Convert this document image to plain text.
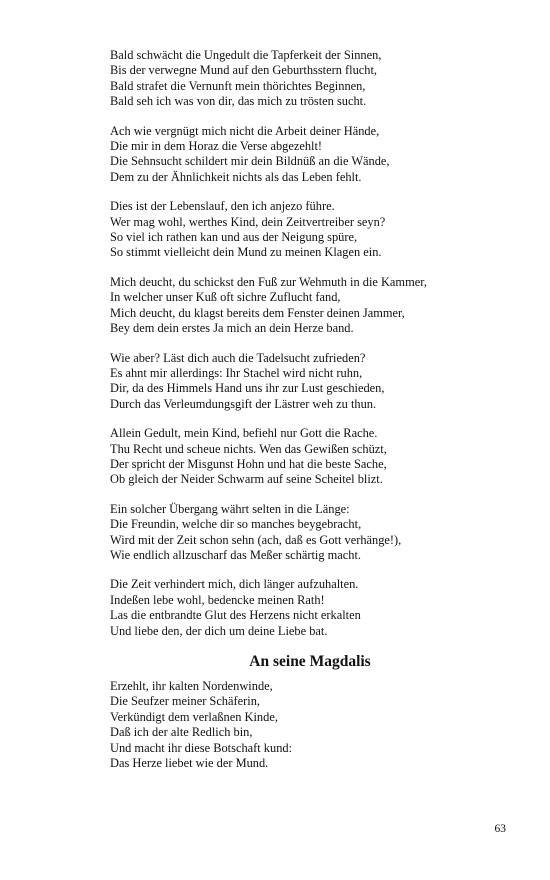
Bald schwächt die Ungedult die Tapferkeit der Sinnen,
Bis der verwegne Mund auf den Geburthsstern flucht,
Bald strafet die Vernunft mein thörichtes Beginnen,
Bald seh ich was von dir, das mich zu trösten sucht.
Ach wie vergnügt mich nicht die Arbeit deiner Hände,
Die mir in dem Horaz die Verse abgezehlt!
Die Sehnsucht schildert mir dein Bildnüß an die Wände,
Dem zu der Ähnlichkeit nichts als das Leben fehlt.
Dies ist der Lebenslauf, den ich anjezo führe.
Wer mag wohl, werthes Kind, dein Zeitvertreiber seyn?
So viel ich rathen kan und aus der Neigung spüre,
So stimmt vielleicht dein Mund zu meinen Klagen ein.
Mich deucht, du schickst den Fuß zur Wehmuth in die Kammer,
In welcher unser Kuß oft sichre Zuflucht fand,
Mich deucht, du klagst bereits dem Fenster deinen Jammer,
Bey dem dein erstes Ja mich an dein Herze band.
Wie aber? Läst dich auch die Tadelsucht zufrieden?
Es ahnt mir allerdings: Ihr Stachel wird nicht ruhn,
Dir, da des Himmels Hand uns ihr zur Lust geschieden,
Durch das Verleumdungsgift der Lästrer weh zu thun.
Allein Gedult, mein Kind, befiehl nur Gott die Rache.
Thu Recht und scheue nichts. Wen das Gewißen schüzt,
Der spricht der Misgunst Hohn und hat die beste Sache,
Ob gleich der Neider Schwarm auf seine Scheitel blizt.
Ein solcher Übergang währt selten in die Länge:
Die Freundin, welche dir so manches beygebracht,
Wird mit der Zeit schon sehn (ach, daß es Gott verhänge!),
Wie endlich allzuscharf das Meßer schärtig macht.
Die Zeit verhindert mich, dich länger aufzuhalten.
Indeßen lebe wohl, bedencke meinen Rath!
Las die entbrandte Glut des Herzens nicht erkalten
Und liebe den, der dich um deine Liebe bat.
An seine Magdalis
Erzehlt, ihr kalten Nordenwinde,
Die Seufzer meiner Schäferin,
Verkündigt dem verlaßnen Kinde,
Daß ich der alte Redlich bin,
Und macht ihr diese Botschaft kund:
Das Herze liebet wie der Mund.
63
